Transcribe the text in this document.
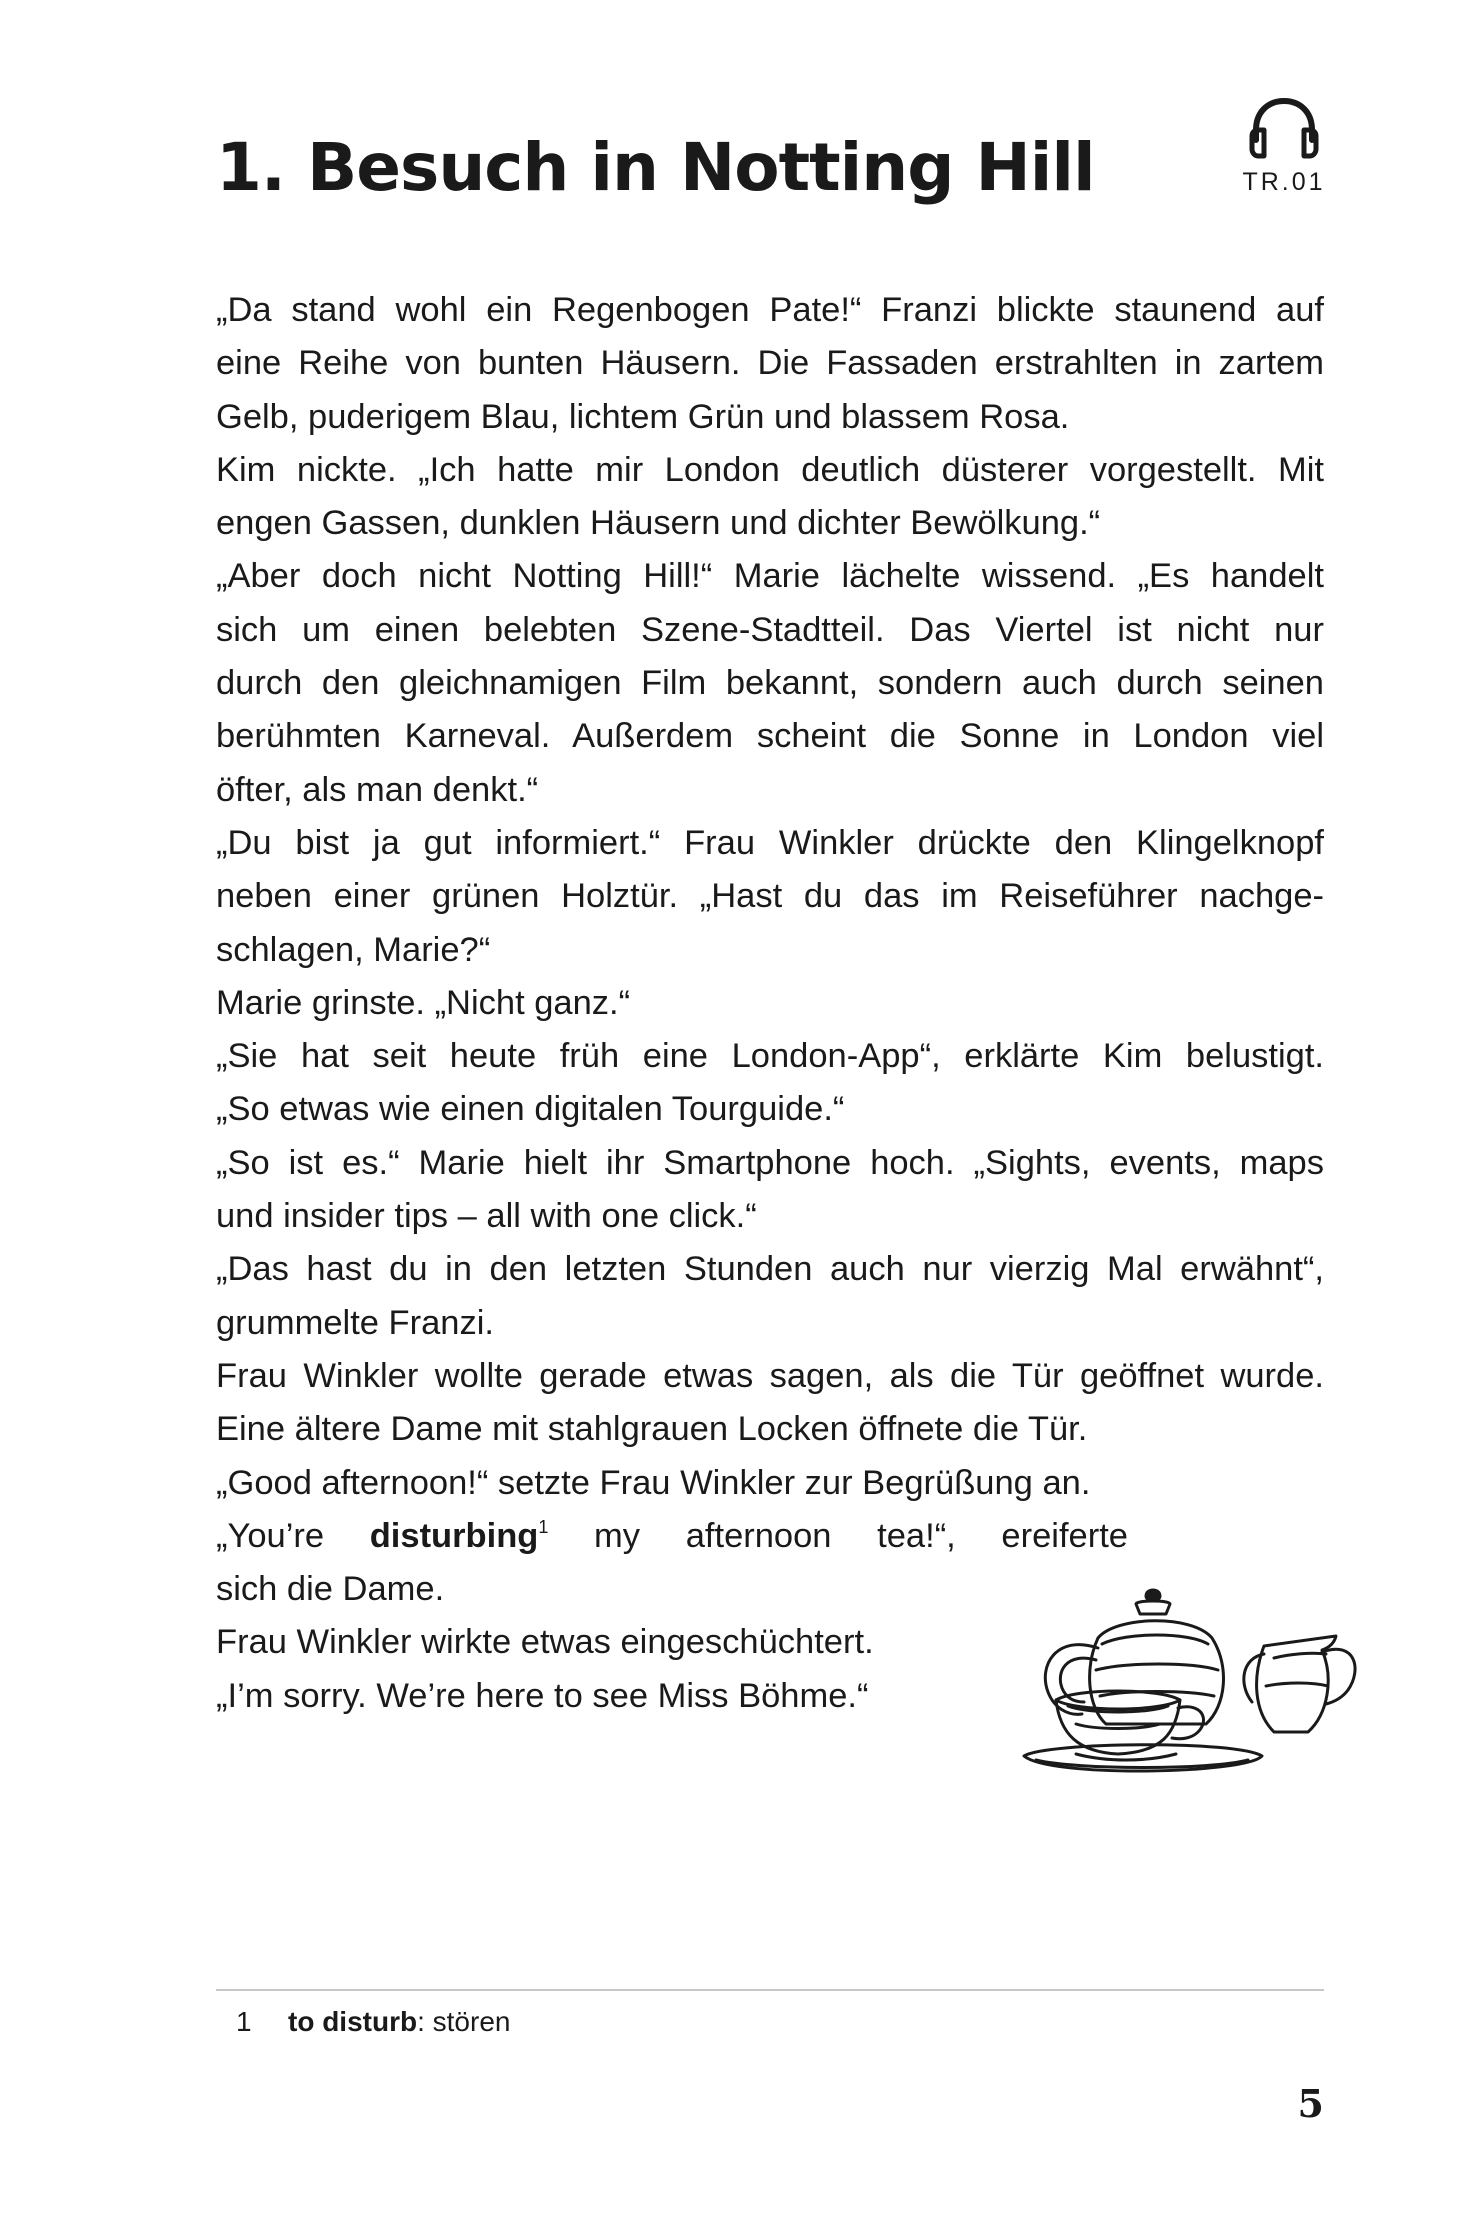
1. Besuch in Notting Hill	TR.01
„Da stand wohl ein Regenbogen Pate!“ Franzi blickte staunend auf
eine Reihe von bunten Häusern. Die Fassaden erstrahlten in zartem
Gelb, puderigem Blau, lichtem Grün und blassem Rosa.
Kim nickte. „Ich hatte mir London deutlich düsterer vorgestellt. Mit
engen Gassen, dunklen Häusern und dichter Bewölkung.“
„Aber doch nicht Notting Hill!“ Marie lächelte wissend. „Es handelt
sich um einen belebten Szene-Stadtteil. Das Viertel ist nicht nur
durch den gleichnamigen Film bekannt, sondern auch durch seinen
berühmten Karneval. Außerdem scheint die Sonne in London viel
öfter, als man denkt.“
„Du bist ja gut informiert.“ Frau Winkler drückte den Klingelknopf
neben einer grünen Holztür. „Hast du das im Reiseführer nachge-
schlagen, Marie?“
Marie grinste. „Nicht ganz.“
„Sie hat seit heute früh eine London-App“, erklärte Kim belustigt.
„So etwas wie einen digitalen Tourguide.“
„So ist es.“ Marie hielt ihr Smartphone hoch. „Sights, events, maps
und insider tips – all with one click.“
„Das hast du in den letzten Stunden auch nur vierzig Mal erwähnt“,
grummelte Franzi.
Frau Winkler wollte gerade etwas sagen, als die Tür geöffnet wurde.
Eine ältere Dame mit stahlgrauen Locken öffnete die Tür.
„Good afternoon!“ setzte Frau Winkler zur Begrüßung an.
„You’re disturbing$^1$ my afternoon tea!“, ereiferte
sich die Dame.
Frau Winkler wirkte etwas eingeschüchtert.
„I’m sorry. We’re here to see Miss Böhme.“
1 to disturb: stören
5
